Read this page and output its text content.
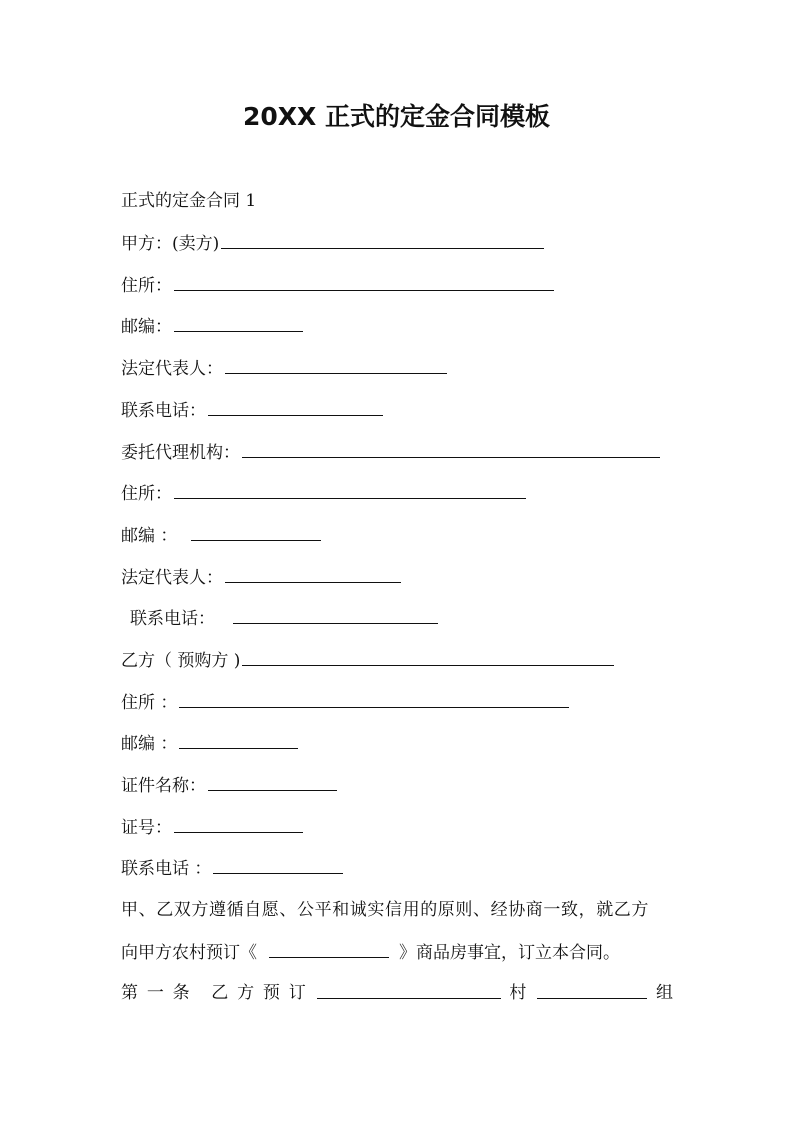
20XX 正式的定金合同模板
正式的定金合同 1
甲方：(卖方)
住所：
邮编：
法定代表人：
联系电话：
委托代理机构：
住所：
邮编 ：
法定代表人：
联系电话：
乙方（ 预购方 )
住所 ：
邮编 ：
证件名称：
证号：
联系电话 ：
甲、乙双方遵循自愿、公平和诚实信用的原则、经协商一致，就乙方
向甲方农村预订《	》商品房事宜，订立本合同。
第 一 条 乙 方 预 订	村	组
